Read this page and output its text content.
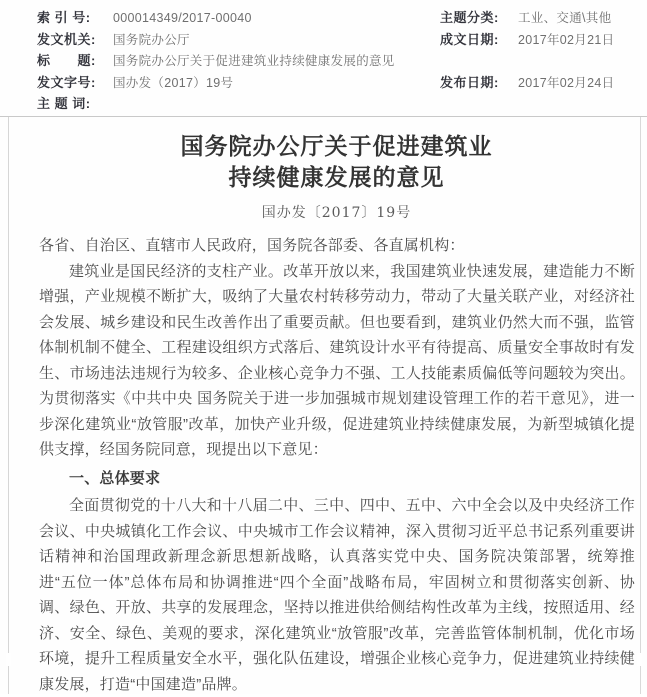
索 引 号: 000014349/2017-00040
发文机关: 国务院办公厅
标　　题: 国务院办公厅关于促进建筑业持续健康发展的意见
发文字号: 国办发（2017）19号
主 题 词:
主题分类: 工业、交通\其他
成文日期: 2017年02月21日
发布日期: 2017年02月24日
国务院办公厅关于促进建筑业
持续健康发展的意见
国办发〔2017〕19号

各省、自治区、直辖市人民政府，国务院各部委、各直属机构：

建筑业是国民经济的支柱产业。改革开放以来，我国建筑业快速发展，建造能力不断增强，产业规模不断扩大，吸纳了大量农村转移劳动力，带动了大量关联产业，对经济社会发展、城乡建设和民生改善作出了重要贡献。但也要看到，建筑业仍然大而不强，监管体制机制不健全、工程建设组织方式落后、建筑设计水平有待提高、质量安全事故时有发生、市场违法违规行为较多、企业核心竞争力不强、工人技能素质偏低等问题较为突出。为贯彻落实《中共中央 国务院关于进一步加强城市规划建设管理工作的若干意见》，进一步深化建筑业“放管服”改革，加快产业升级，促进建筑业持续健康发展，为新型城镇化提供支撑，经国务院同意，现提出以下意见：

一、总体要求

全面贯彻党的十八大和十八届二中、三中、四中、五中、六中全会以及中央经济工作会议、中央城镇化工作会议、中央城市工作会议精神，深入贯彻习近平总书记系列重要讲话精神和治国理政新理念新思想新战略，认真落实党中央、国务院决策部署，统筹推进“五位一体”总体布局和协调推进“四个全面”战略布局，牢固树立和贯彻落实创新、协调、绿色、开放、共享的发展理念，坚持以推进供给侧结构性改革为主线，按照适用、经济、安全、绿色、美观的要求，深化建筑业“放管服”改革，完善监管体制机制，优化市场环境，提升工程质量安全水平，强化队伍建设，增强企业核心竞争力，促进建筑业持续健康发展，打造“中国建造”品牌。
